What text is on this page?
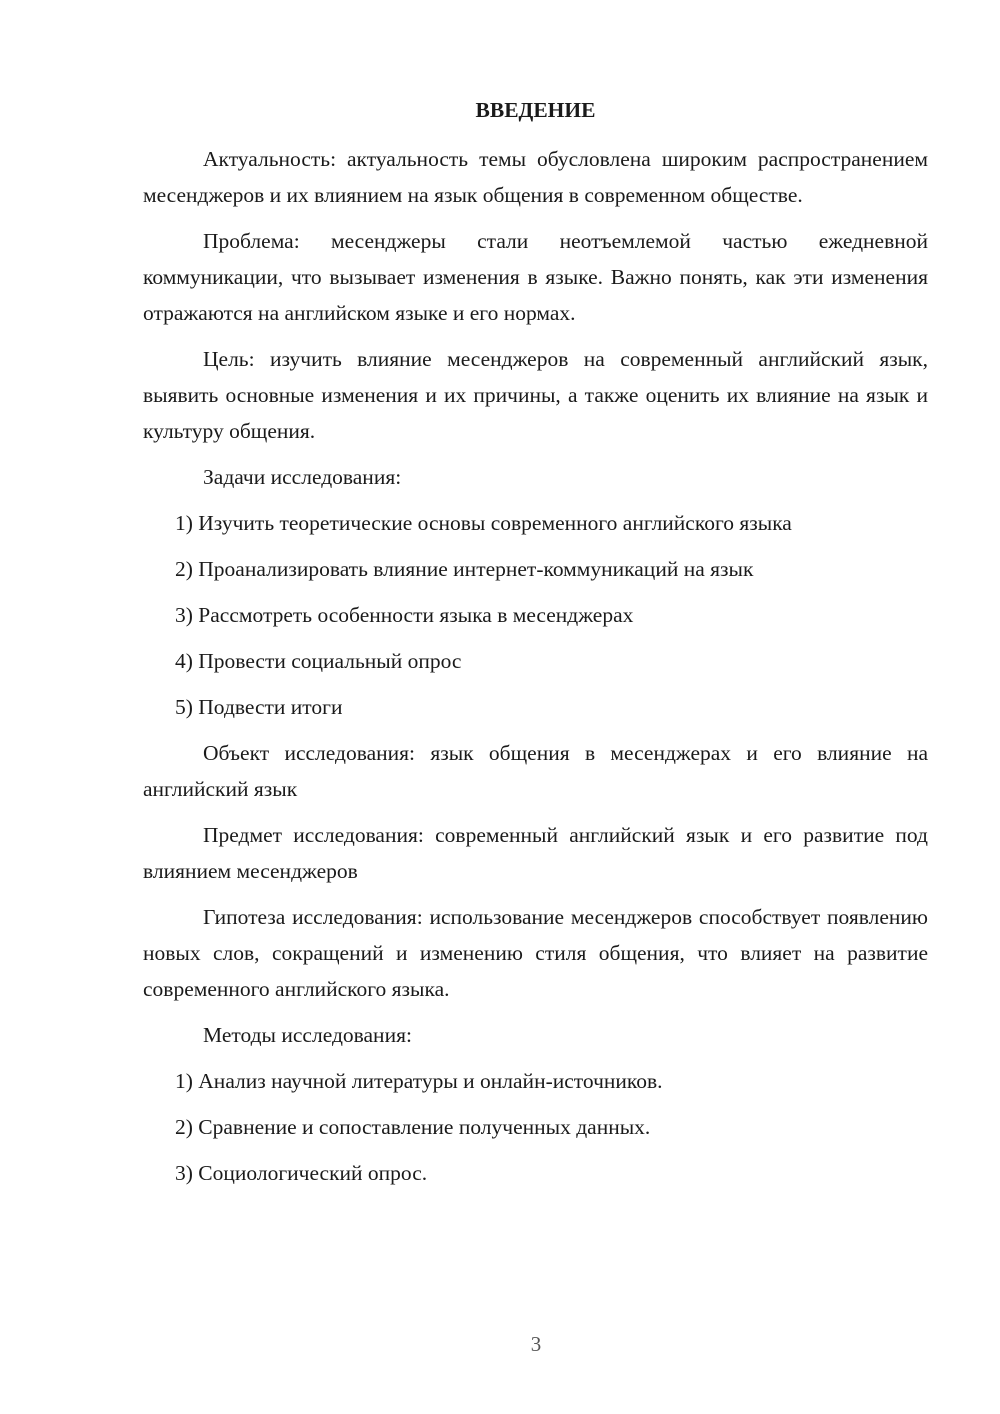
ВВЕДЕНИЕ

Актуальность: актуальность темы обусловлена широким распространением месенджеров и их влиянием на язык общения в современном обществе.

Проблема: месенджеры стали неотъемлемой частью ежедневной коммуникации, что вызывает изменения в языке. Важно понять, как эти изменения отражаются на английском языке и его нормах.

Цель: изучить влияние месенджеров на современный английский язык, выявить основные изменения и их причины, а также оценить их влияние на язык и культуру общения.

Задачи исследования:

1) Изучить теоретические основы современного английского языка
2) Проанализировать влияние интернет-коммуникаций на язык
3) Рассмотреть особенности языка в месенджерах
4) Провести социальный опрос
5) Подвести итоги

Объект исследования: язык общения в месенджерах и его влияние на английский язык

Предмет исследования: современный английский язык и его развитие под влиянием месенджеров

Гипотеза исследования: использование месенджеров способствует появлению новых слов, сокращений и изменению стиля общения, что влияет на развитие современного английского языка.

Методы исследования:

1) Анализ научной литературы и онлайн-источников.
2) Сравнение и сопоставление полученных данных.
3) Социологический опрос.
3
